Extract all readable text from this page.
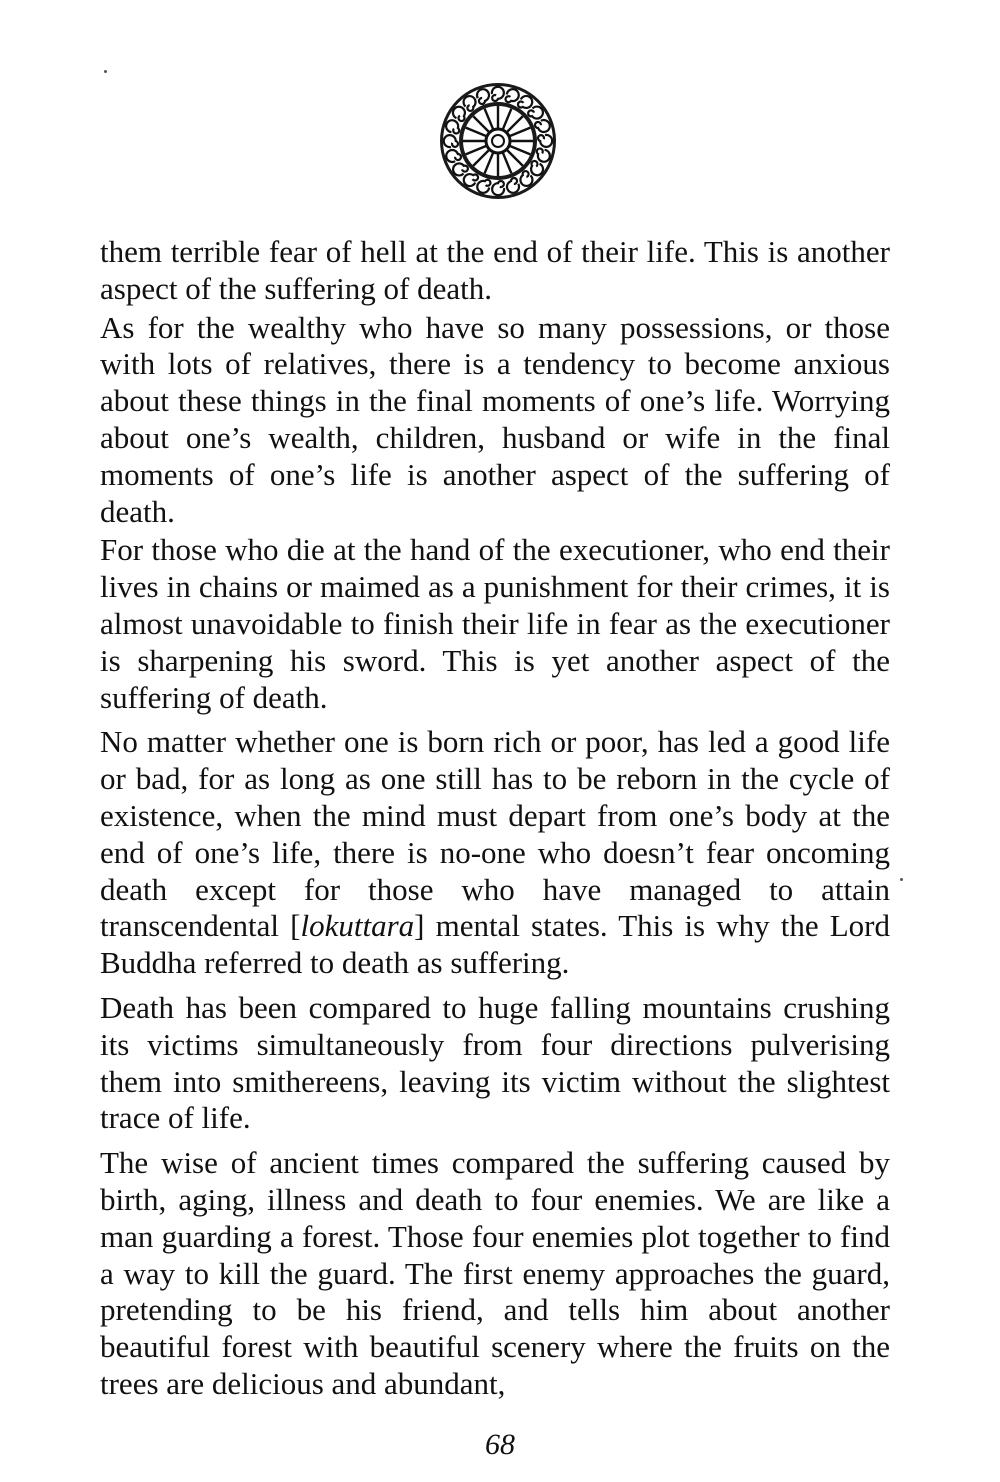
them terrible fear of hell at the end of their life. This is another aspect of the suffering of death.

As for the wealthy who have so many possessions, or those with lots of relatives, there is a tendency to become anxious about these things in the final moments of one’s life. Worrying about one’s wealth, children, husband or wife in the final moments of one’s life is another aspect of the suffering of death.

For those who die at the hand of the executioner, who end their lives in chains or maimed as a punishment for their crimes, it is almost unavoidable to finish their life in fear as the executioner is sharpening his sword. This is yet another aspect of the suffering of death.

No matter whether one is born rich or poor, has led a good life or bad, for as long as one still has to be reborn in the cycle of existence, when the mind must depart from one’s body at the end of one’s life, there is no-one who doesn’t fear oncoming death except for those who have managed to attain transcendental [lokuttara] mental states. This is why the Lord Buddha referred to death as suffering.

Death has been compared to huge falling mountains crushing its victims simultaneously from four directions pulverising them into smithereens, leaving its victim without the slightest trace of life.

The wise of ancient times compared the suffering caused by birth, aging, illness and death to four enemies. We are like a man guarding a forest. Those four enemies plot together to find a way to kill the guard. The first enemy approaches the guard, pretending to be his friend, and tells him about another beautiful forest with beautiful scenery where the fruits on the trees are delicious and abundant,

68
